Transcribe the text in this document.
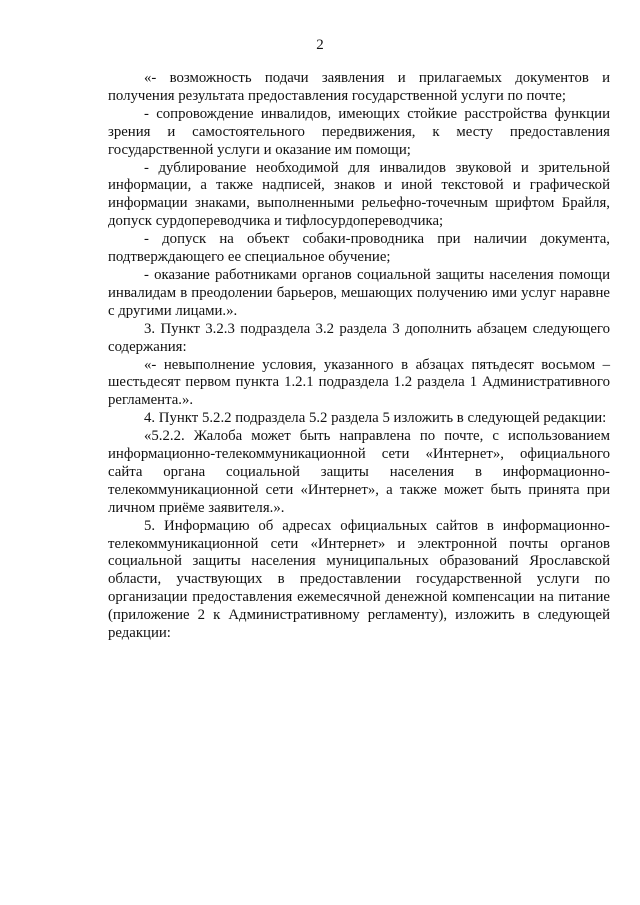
2

«- возможность подачи заявления и прилагаемых документов и получения результата предоставления государственной услуги по почте;

- сопровождение инвалидов, имеющих стойкие расстройства функции зрения и самостоятельного передвижения, к месту предоставления государственной услуги и оказание им помощи;

- дублирование необходимой для инвалидов звуковой и зрительной информации, а также надписей, знаков и иной текстовой и графической информации знаками, выполненными рельефно-точечным шрифтом Брайля, допуск сурдопереводчика и тифлосурдопереводчика;

- допуск на объект собаки-проводника при наличии документа, подтверждающего ее специальное обучение;

- оказание работниками органов социальной защиты населения помощи инвалидам в преодолении барьеров, мешающих получению ими услуг наравне с другими лицами.».

3. Пункт 3.2.3 подраздела 3.2 раздела 3 дополнить абзацем следующего содержания:

«- невыполнение условия, указанного в абзацах пятьдесят восьмом – шестьдесят первом пункта 1.2.1 подраздела 1.2 раздела 1 Административного регламента.».

4. Пункт 5.2.2 подраздела 5.2 раздела 5 изложить в следующей редакции:

«5.2.2. Жалоба может быть направлена по почте, с использованием информационно-телекоммуникационной сети «Интернет», официального сайта органа социальной защиты населения в информационно-телекоммуникационной сети «Интернет», а также может быть принята при личном приёме заявителя.».

5. Информацию об адресах официальных сайтов в информационно-телекоммуникационной сети «Интернет» и электронной почты органов социальной защиты населения муниципальных образований Ярославской области, участвующих в предоставлении государственной услуги по организации предоставления ежемесячной денежной компенсации на питание (приложение 2 к Административному регламенту), изложить в следующей редакции:
